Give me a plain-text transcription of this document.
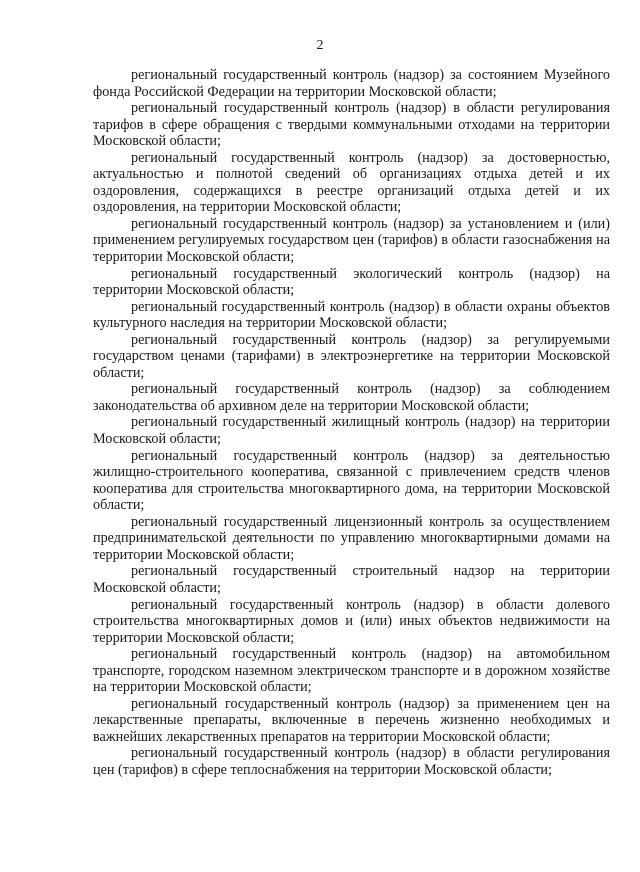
2

региональный государственный контроль (надзор) за состоянием Музейного фонда Российской Федерации на территории Московской области;

региональный государственный контроль (надзор) в области регулирования тарифов в сфере обращения с твердыми коммунальными отходами на территории Московской области;

региональный государственный контроль (надзор) за достоверностью, актуальностью и полнотой сведений об организациях отдыха детей и их оздоровления, содержащихся в реестре организаций отдыха детей и их оздоровления, на территории Московской области;

региональный государственный контроль (надзор) за установлением и (или) применением регулируемых государством цен (тарифов) в области газоснабжения на территории Московской области;

региональный государственный экологический контроль (надзор) на территории Московской области;

региональный государственный контроль (надзор) в области охраны объектов культурного наследия на территории Московской области;

региональный государственный контроль (надзор) за регулируемыми государством ценами (тарифами) в электроэнергетике на территории Московской области;

региональный государственный контроль (надзор) за соблюдением законодательства об архивном деле на территории Московской области;

региональный государственный жилищный контроль (надзор) на территории Московской области;

региональный государственный контроль (надзор) за деятельностью жилищно-строительного кооператива, связанной с привлечением средств членов кооператива для строительства многоквартирного дома, на территории Московской области;

региональный государственный лицензионный контроль за осуществлением предпринимательской деятельности по управлению многоквартирными домами на территории Московской области;

региональный государственный строительный надзор на территории Московской области;

региональный государственный контроль (надзор) в области долевого строительства многоквартирных домов и (или) иных объектов недвижимости на территории Московской области;

региональный государственный контроль (надзор) на автомобильном транспорте, городском наземном электрическом транспорте и в дорожном хозяйстве на территории Московской области;

региональный государственный контроль (надзор) за применением цен на лекарственные препараты, включенные в перечень жизненно необходимых и важнейших лекарственных препаратов на территории Московской области;

региональный государственный контроль (надзор) в области регулирования цен (тарифов) в сфере теплоснабжения на территории Московской области;
